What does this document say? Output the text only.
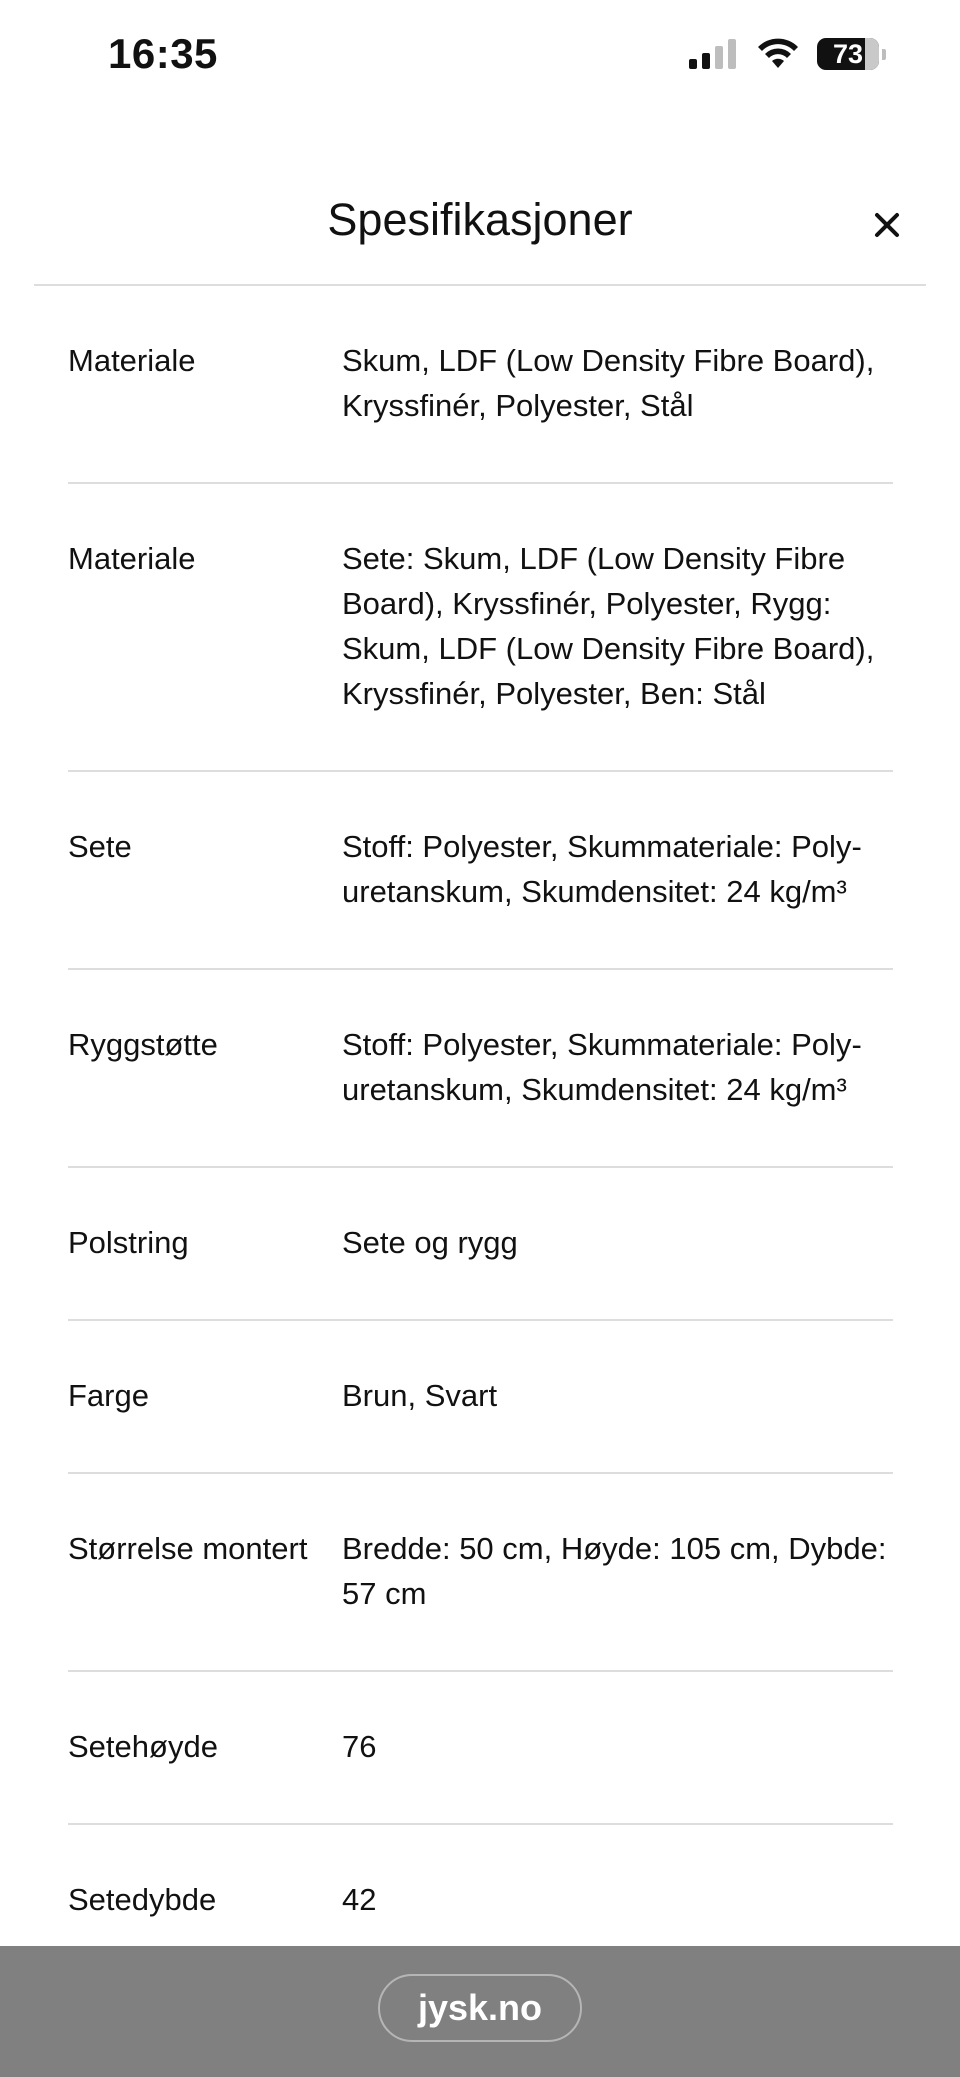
16:35	73
Spesifikasjoner
Materiale	Skum, LDF (Low Density Fibre Board), Kryssfinér, Polyester, Stål
Materiale	Sete: Skum, LDF (Low Density Fibre Board), Kryssfinér, Polyester, Rygg: Skum, LDF (Low Density Fibre Board), Kryssfinér, Polyester, Ben: Stål
Sete	Stoff: Polyester, Skummateriale: Polyuretanskum, Skumdensitet: 24 kg/m³
Ryggstøtte	Stoff: Polyester, Skummateriale: Polyuretanskum, Skumdensitet: 24 kg/m³
Polstring	Sete og rygg
Farge	Brun, Svart
Størrelse montert	Bredde: 50 cm, Høyde: 105 cm, Dybde: 57 cm
Setehøyde	76
Setedybde	42
jysk.no
